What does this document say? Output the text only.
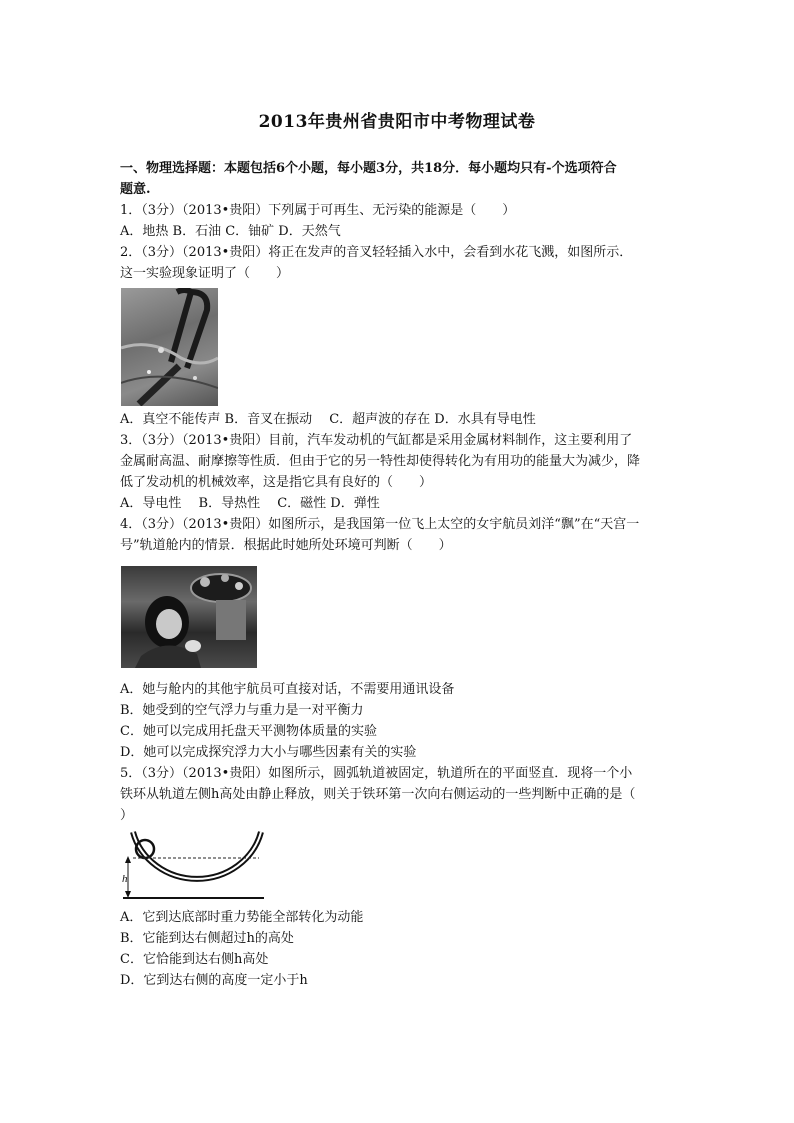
2013年贵州省贵阳市中考物理试卷
一、物理选择题：本题包括6个小题，每小题3分，共18分．每小题均只有-个选项符合
题意.
1．（3分）（2013•贵阳）下列属于可再生、无污染的能源是（　　）
A．地热 B．石油 C．铀矿 D．天然气
2．（3分）（2013•贵阳）将正在发声的音叉轻轻插入水中，会看到水花飞溅，如图所示．
这一实验现象证明了（　　）
A．真空不能传声 B．音叉在振动　 C．超声波的存在 D．水具有导电性
3．（3分）（2013•贵阳）目前，汽车发动机的气缸都是采用金属材料制作，这主要利用了
金属耐高温、耐摩擦等性质．但由于它的另一特性却使得转化为有用功的能量大为减少，降
低了发动机的机械效率，这是指它具有良好的（　　）
A．导电性　 B．导热性　 C．磁性 D．弹性
4．（3分）（2013•贵阳）如图所示，是我国第一位飞上太空的女宇航员刘洋“飘”在“天宫一
号”轨道舱内的情景．根据此时她所处环境可判断（　　）
A．她与舱内的其他宇航员可直接对话，不需要用通讯设备
B．她受到的空气浮力与重力是一对平衡力
C．她可以完成用托盘天平测物体质量的实验
D．她可以完成探究浮力大小与哪些因素有关的实验
5．（3分）（2013•贵阳）如图所示，圆弧轨道被固定，轨道所在的平面竖直．现将一个小
铁环从轨道左侧h高处由静止释放，则关于铁环第一次向右侧运动的一些判断中正确的是（
）
h
A．它到达底部时重力势能全部转化为动能
B．它能到达右侧超过h的高处
C．它恰能到达右侧h高处
D．它到达右侧的高度一定小于h
